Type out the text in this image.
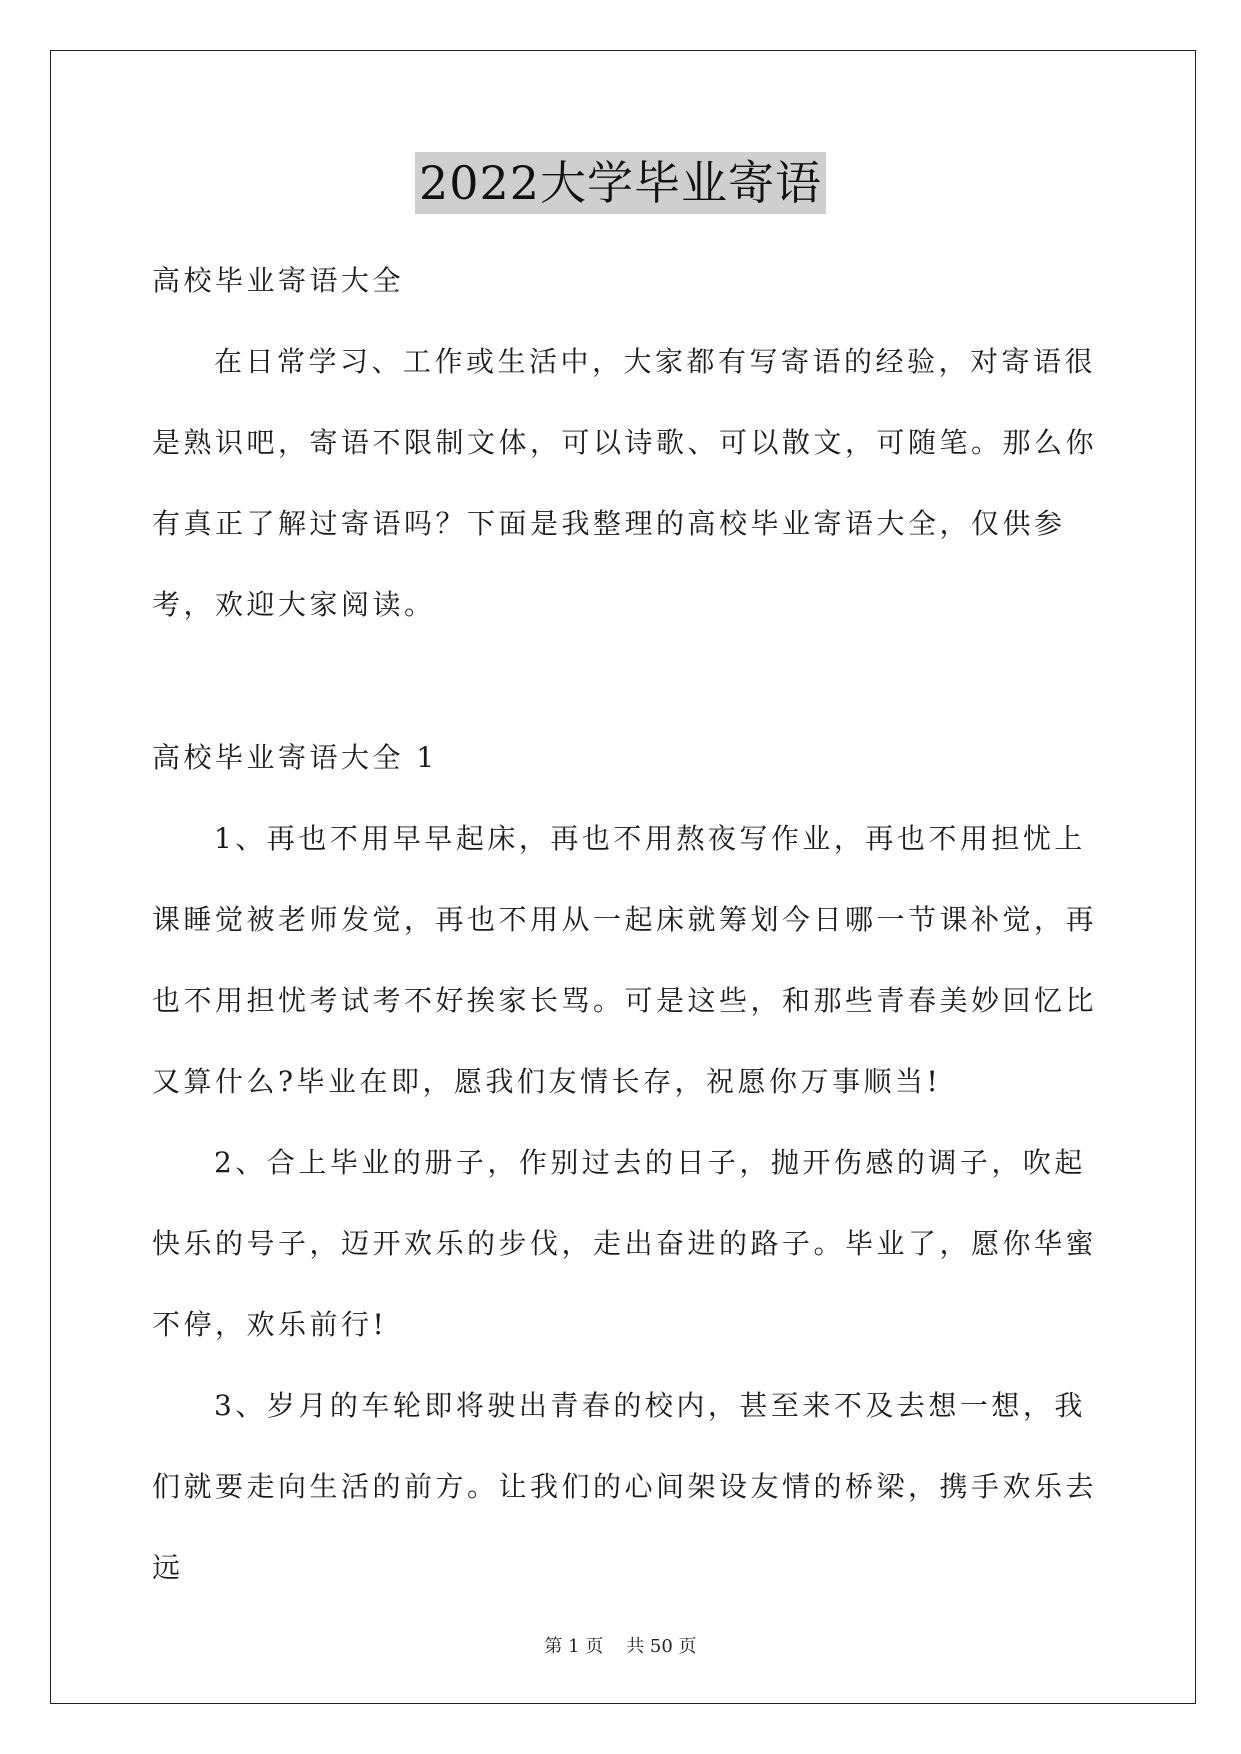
2022大学毕业寄语

高校毕业寄语大全

在日常学习、工作或生活中，大家都有写寄语的经验，对寄语很是熟识吧，寄语不限制文体，可以诗歌、可以散文，可随笔。那么你有真正了解过寄语吗？下面是我整理的高校毕业寄语大全，仅供参考，欢迎大家阅读。

高校毕业寄语大全 1

1、再也不用早早起床，再也不用熬夜写作业，再也不用担忧上课睡觉被老师发觉，再也不用从一起床就筹划今日哪一节课补觉，再也不用担忧考试考不好挨家长骂。可是这些，和那些青春美妙回忆比又算什么?毕业在即，愿我们友情长存，祝愿你万事顺当!

2、合上毕业的册子，作别过去的日子，抛开伤感的调子，吹起快乐的号子，迈开欢乐的步伐，走出奋进的路子。毕业了，愿你华蜜不停，欢乐前行!

3、岁月的车轮即将驶出青春的校内，甚至来不及去想一想，我们就要走向生活的前方。让我们的心间架设友情的桥梁，携手欢乐去远

第 1 页    共 50 页
